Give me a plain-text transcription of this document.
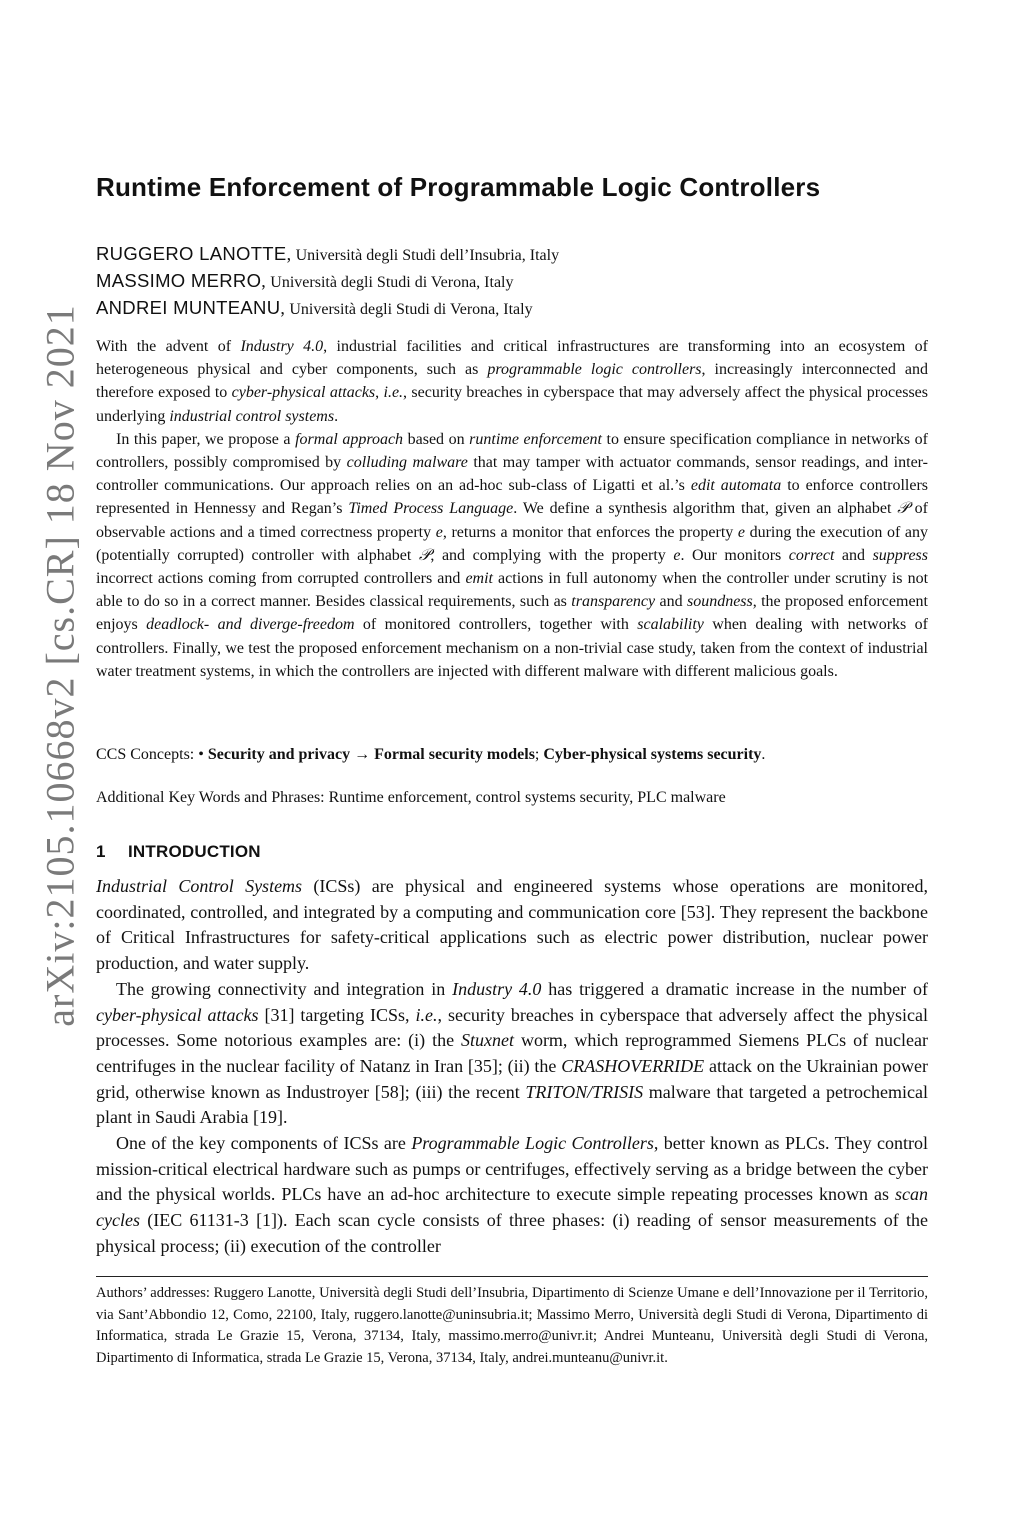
arXiv:2105.10668v2 [cs.CR] 18 Nov 2021
Runtime Enforcement of Programmable Logic Controllers
RUGGERO LANOTTE, Università degli Studi dell’Insubria, Italy
MASSIMO MERRO, Università degli Studi di Verona, Italy
ANDREI MUNTEANU, Università degli Studi di Verona, Italy

With the advent of Industry 4.0, industrial facilities and critical infrastructures are transforming into an ecosystem of heterogeneous physical and cyber components, such as programmable logic controllers, increasingly interconnected and therefore exposed to cyber-physical attacks, i.e., security breaches in cyberspace that may adversely affect the physical processes underlying industrial control systems.

In this paper, we propose a formal approach based on runtime enforcement to ensure specification compliance in networks of controllers, possibly compromised by colluding malware that may tamper with actuator commands, sensor readings, and inter-controller communications. Our approach relies on an ad-hoc sub-class of Ligatti et al.’s edit automata to enforce controllers represented in Hennessy and Regan’s Timed Process Language. We define a synthesis algorithm that, given an alphabet 𝒫 of observable actions and a timed correctness property e, returns a monitor that enforces the property e during the execution of any (potentially corrupted) controller with alphabet 𝒫, and complying with the property e. Our monitors correct and suppress incorrect actions coming from corrupted controllers and emit actions in full autonomy when the controller under scrutiny is not able to do so in a correct manner. Besides classical requirements, such as transparency and soundness, the proposed enforcement enjoys deadlock- and diverge-freedom of monitored controllers, together with scalability when dealing with networks of controllers. Finally, we test the proposed enforcement mechanism on a non-trivial case study, taken from the context of industrial water treatment systems, in which the controllers are injected with different malware with different malicious goals.

CCS Concepts: • Security and privacy → Formal security models; Cyber-physical systems security.
Additional Key Words and Phrases: Runtime enforcement, control systems security, PLC malware
1 INTRODUCTION

Industrial Control Systems (ICSs) are physical and engineered systems whose operations are monitored, coordinated, controlled, and integrated by a computing and communication core [53]. They represent the backbone of Critical Infrastructures for safety-critical applications such as electric power distribution, nuclear power production, and water supply.

The growing connectivity and integration in Industry 4.0 has triggered a dramatic increase in the number of cyber-physical attacks [31] targeting ICSs, i.e., security breaches in cyberspace that adversely affect the physical processes. Some notorious examples are: (i) the Stuxnet worm, which reprogrammed Siemens PLCs of nuclear centrifuges in the nuclear facility of Natanz in Iran [35]; (ii) the CRASHOVERRIDE attack on the Ukrainian power grid, otherwise known as Industroyer [58]; (iii) the recent TRITON/TRISIS malware that targeted a petrochemical plant in Saudi Arabia [19].

One of the key components of ICSs are Programmable Logic Controllers, better known as PLCs. They control mission-critical electrical hardware such as pumps or centrifuges, effectively serving as a bridge between the cyber and the physical worlds. PLCs have an ad-hoc architecture to execute simple repeating processes known as scan cycles (IEC 61131-3 [1]). Each scan cycle consists of three phases: (i) reading of sensor measurements of the physical process; (ii) execution of the controller

Authors’ addresses: Ruggero Lanotte, Università degli Studi dell’Insubria, Dipartimento di Scienze Umane e dell’Innovazione per il Territorio, via Sant’Abbondio 12, Como, 22100, Italy, ruggero.lanotte@uninsubria.it; Massimo Merro, Università degli Studi di Verona, Dipartimento di Informatica, strada Le Grazie 15, Verona, 37134, Italy, massimo.merro@univr.it; Andrei Munteanu, Università degli Studi di Verona, Dipartimento di Informatica, strada Le Grazie 15, Verona, 37134, Italy, andrei.munteanu@univr.it.
